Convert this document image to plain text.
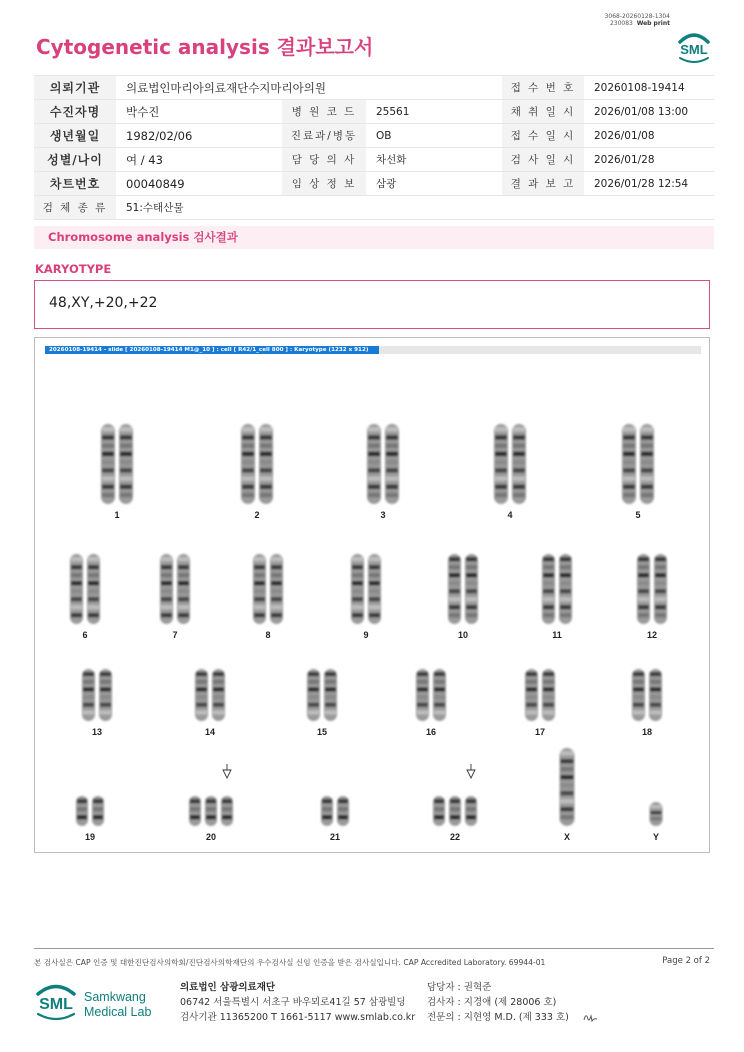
3068-20260128-1304
230083 Web print
Cytogenetic analysis 결과보고서	SML
의뢰기관	의료법인마리아의료재단수지마리아의원			접 수 번 호	20260108-19414
수진자명	박수진	병 원 코 드	25561	채 취 일 시	2026/01/08 13:00
생년월일	1982/02/06	진료과/병동	OB	접 수 일 시	2026/01/08
성별/나이	여 / 43	담 당 의 사	차선화	검 사 일 시	2026/01/28
차트번호	00040849	임 상 정 보	삼광	결 과 보 고	2026/01/28 12:54
검 체 종 류	51:수태산물				
Chromosome analysis 검사결과
KARYOTYPE
48,XY,+20,+22
1	2	3	4	5
6	7	8	9	10	11	12
13	14	15	16	17	18
19	20	21	22	X	Y
20260108-19414 - slide [ 20260108-19414 M1@_10 ] : cell [ R42/1_cell 800 ] : Karyotype (1232 x 912)
본 검사실은 CAP 인증 및 대한진단검사의학회/진단검사의학재단의 우수검사실 신임 인증을 받은 검사실입니다. CAP Accredited Laboratory. 69944-01	Page 2 of 2
SML Samkwang
Medical Lab
의료법인 삼광의료재단
06742 서울특별시 서초구 바우뫼로41길 57 삼광빌딩
검사기관 11365200 T 1661-5117 www.smlab.co.kr
담당자 : 권혁준
검사자 : 지경애 (제 28006 호)
전문의 : 지현영 M.D. (제 333 호)
